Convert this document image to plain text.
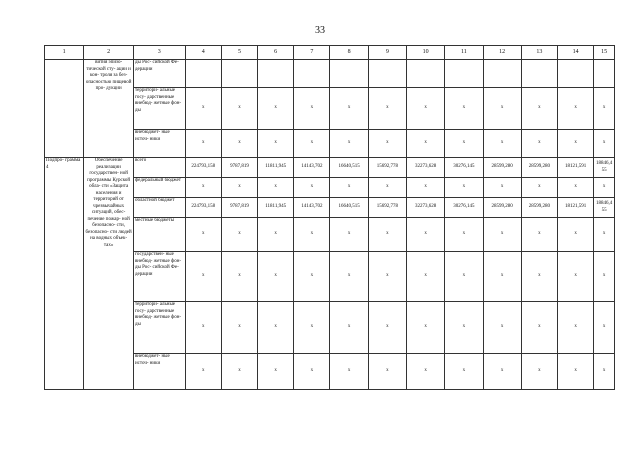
33
1	2	3	4	5	6	7	8	9	10	11	12	13	14	15
	вития эпизо- тической сту- ации и кон- троля за без- опасностью пищевой про- дукции	ды Рос- сийской Фе- дерации												
		территори- альные госу- дарственные внебюд- жетные фон- ды	х	х	х	х	х	х	х	х	х	х	х	х
		внебюджет- ные источ- ники	х	х	х	х	х	х	х	х	х	х	х	х
Подпро- грамма 4	Обеспечение реализации государствен- ной программы Курской обла- сти «Защита населения и территорий от чрезвычайных ситуаций, обес- печение пожар- ной безопасно- сти, безопасно- сти людей на водных объек- тах»	всего	224793,158	9787,819	11811,945	14143,702	16640,515	15692,778	32273,628	30276,145	28599,280	28599,280	18121,591	18846,455
		федеральный бюджет	х	х	х	х	х	х	х	х	х	х	х	х
		областной бюджет	224793,158	9787,819	11811,945	14143,702	16640,515	15692,778	32273,628	30276,145	28599,280	28599,280	18121,591	18846,455
		местные бюджеты	х	х	х	х	х	х	х	х	х	х	х	х
		государствен- ные внебюд- жетные фон- ды Рос- сийской Фе- дерации	х	х	х	х	х	х	х	х	х	х	х	х
		территори- альные госу- дарственные внебюд- жетные фон- ды	х	х	х	х	х	х	х	х	х	х	х	х
		внебюджет- ные источ- ники	х	х	х	х	х	х	х	х	х	х	х	х
